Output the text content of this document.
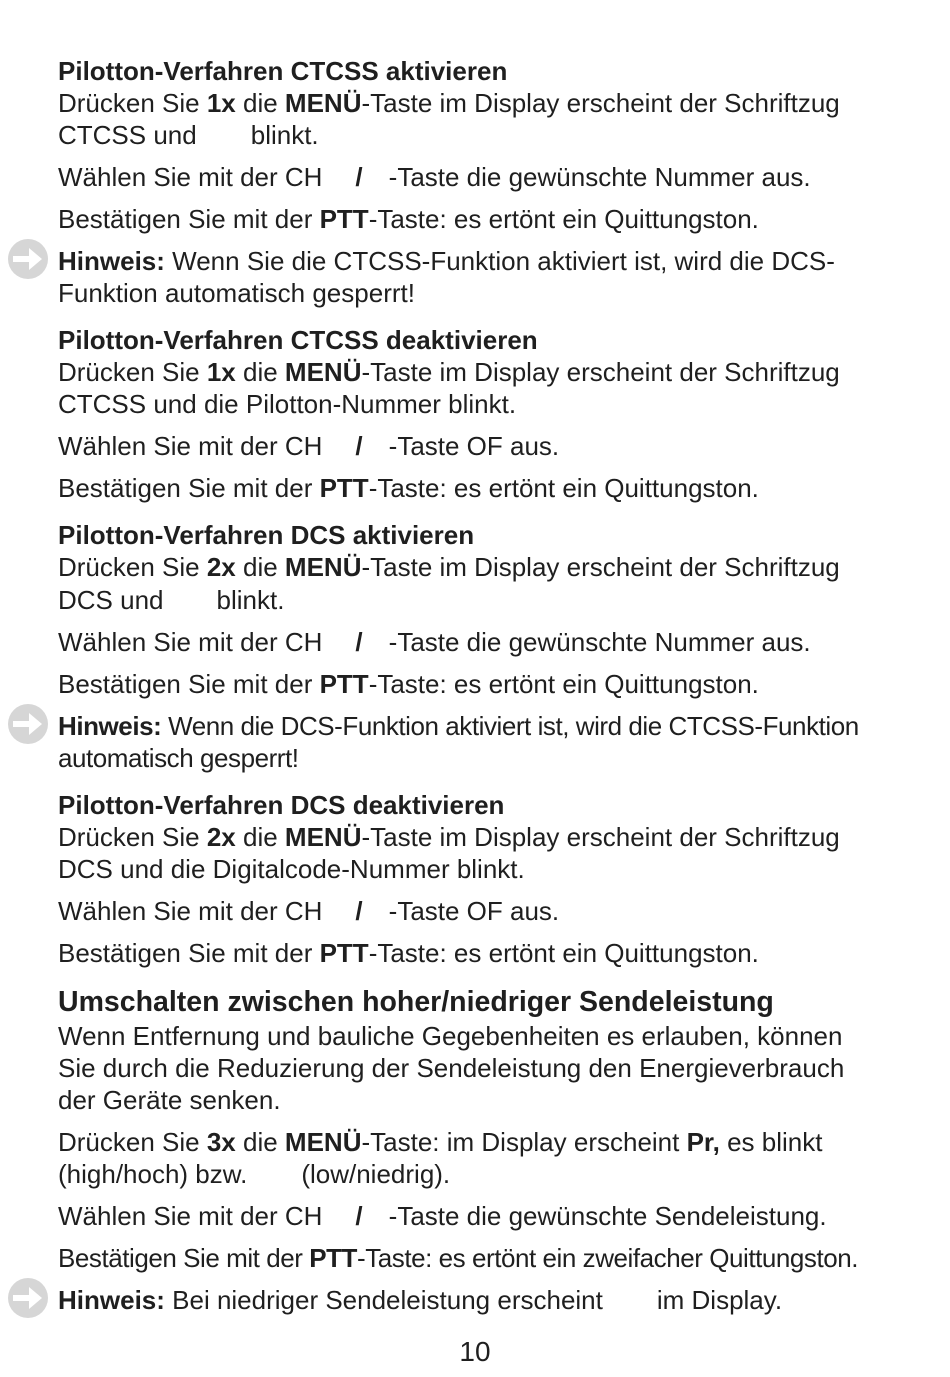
Pilotton-Verfahren CTCSS aktivieren
Drücken Sie 1x die MENÜ-Taste im Display erscheint der Schriftzug
CTCSS und blinkt.
Wählen Sie mit der CH / -Taste die gewünschte Nummer aus.
Bestätigen Sie mit der PTT-Taste: es ertönt ein Quittungston.
Hinweis: Wenn Sie die CTCSS-Funktion aktiviert ist, wird die DCS-
Funktion automatisch gesperrt!
Pilotton-Verfahren CTCSS deaktivieren
Drücken Sie 1x die MENÜ-Taste im Display erscheint der Schriftzug
CTCSS und die Pilotton-Nummer blinkt.
Wählen Sie mit der CH / -Taste OF aus.
Bestätigen Sie mit der PTT-Taste: es ertönt ein Quittungston.
Pilotton-Verfahren DCS aktivieren
Drücken Sie 2x die MENÜ-Taste im Display erscheint der Schriftzug
DCS und blinkt.
Wählen Sie mit der CH / -Taste die gewünschte Nummer aus.
Bestätigen Sie mit der PTT-Taste: es ertönt ein Quittungston.
Hinweis: Wenn die DCS-Funktion aktiviert ist, wird die CTCSS-Funktion
automatisch gesperrt!
Pilotton-Verfahren DCS deaktivieren
Drücken Sie 2x die MENÜ-Taste im Display erscheint der Schriftzug
DCS und die Digitalcode-Nummer blinkt.
Wählen Sie mit der CH / -Taste OF aus.
Bestätigen Sie mit der PTT-Taste: es ertönt ein Quittungston.
Umschalten zwischen hoher/niedriger Sendeleistung
Wenn Entfernung und bauliche Gegebenheiten es erlauben, können
Sie durch die Reduzierung der Sendeleistung den Energieverbrauch
der Geräte senken.
Drücken Sie 3x die MENÜ-Taste: im Display erscheint Pr, es blinkt
(high/hoch) bzw. (low/niedrig).
Wählen Sie mit der CH / -Taste die gewünschte Sendeleistung.
Bestätigen Sie mit der PTT-Taste: es ertönt ein zweifacher Quittungston.
Hinweis: Bei niedriger Sendeleistung erscheint im Display.
10
